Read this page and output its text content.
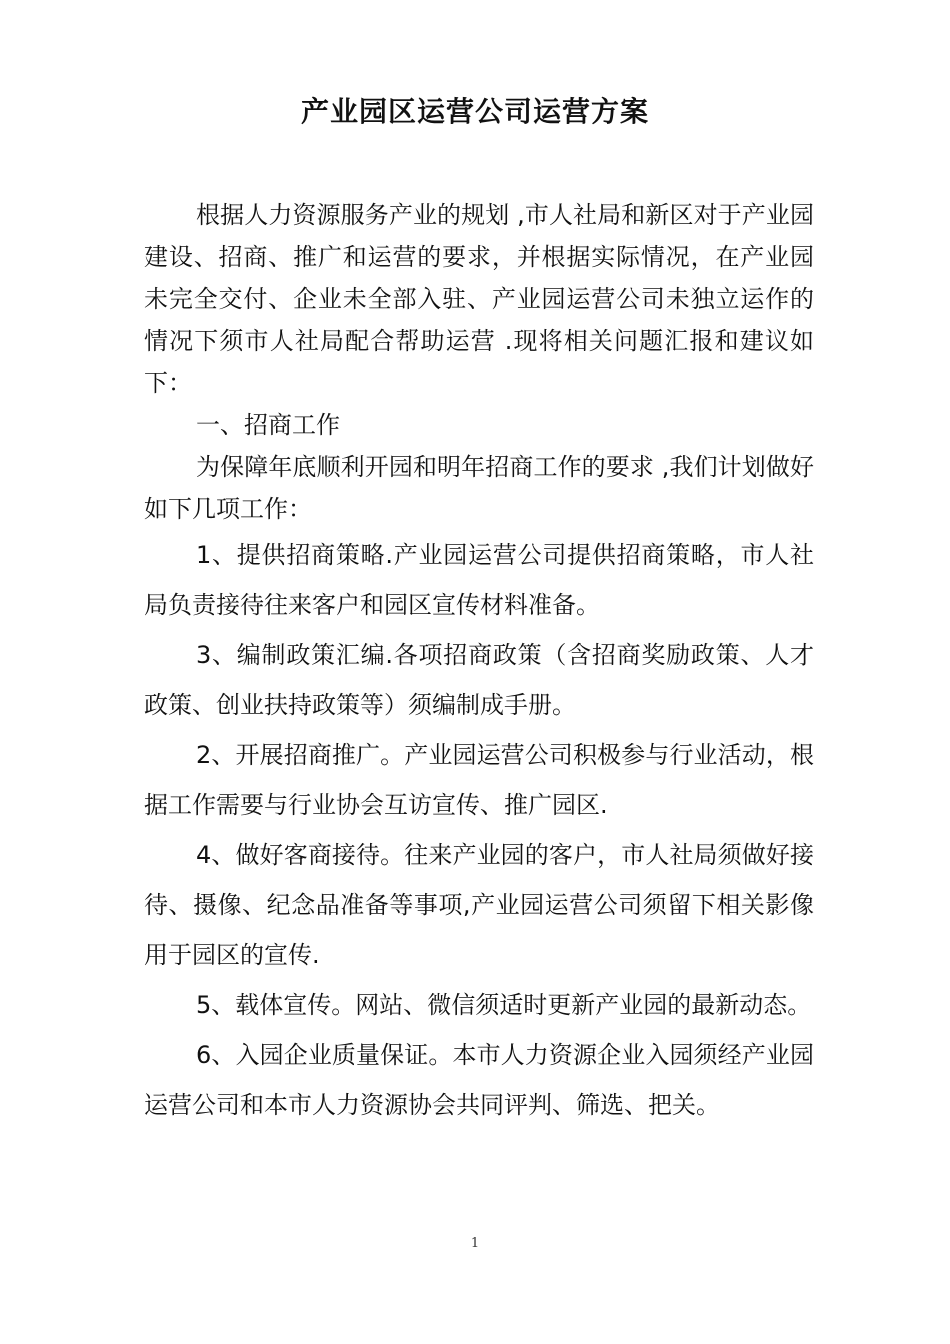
产业园区运营公司运营方案

根据人力资源服务产业的规划 ,市人社局和新区对于产业园建设、招商、推广和运营的要求，并根据实际情况，在产业园未完全交付、企业未全部入驻、产业园运营公司未独立运作的情况下须市人社局配合帮助运营 .现将相关问题汇报和建议如下：

一、招商工作

为保障年底顺利开园和明年招商工作的要求 ,我们计划做好如下几项工作：

1、提供招商策略.产业园运营公司提供招商策略，市人社局负责接待往来客户和园区宣传材料准备。

3、编制政策汇编.各项招商政策（含招商奖励政策、人才政策、创业扶持政策等）须编制成手册。

2、开展招商推广。产业园运营公司积极参与行业活动，根据工作需要与行业协会互访宣传、推广园区.

4、做好客商接待。往来产业园的客户，市人社局须做好接待、摄像、纪念品准备等事项,产业园运营公司须留下相关影像用于园区的宣传.

5、载体宣传。网站、微信须适时更新产业园的最新动态。

6、入园企业质量保证。本市人力资源企业入园须经产业园运营公司和本市人力资源协会共同评判、筛选、把关。

1
